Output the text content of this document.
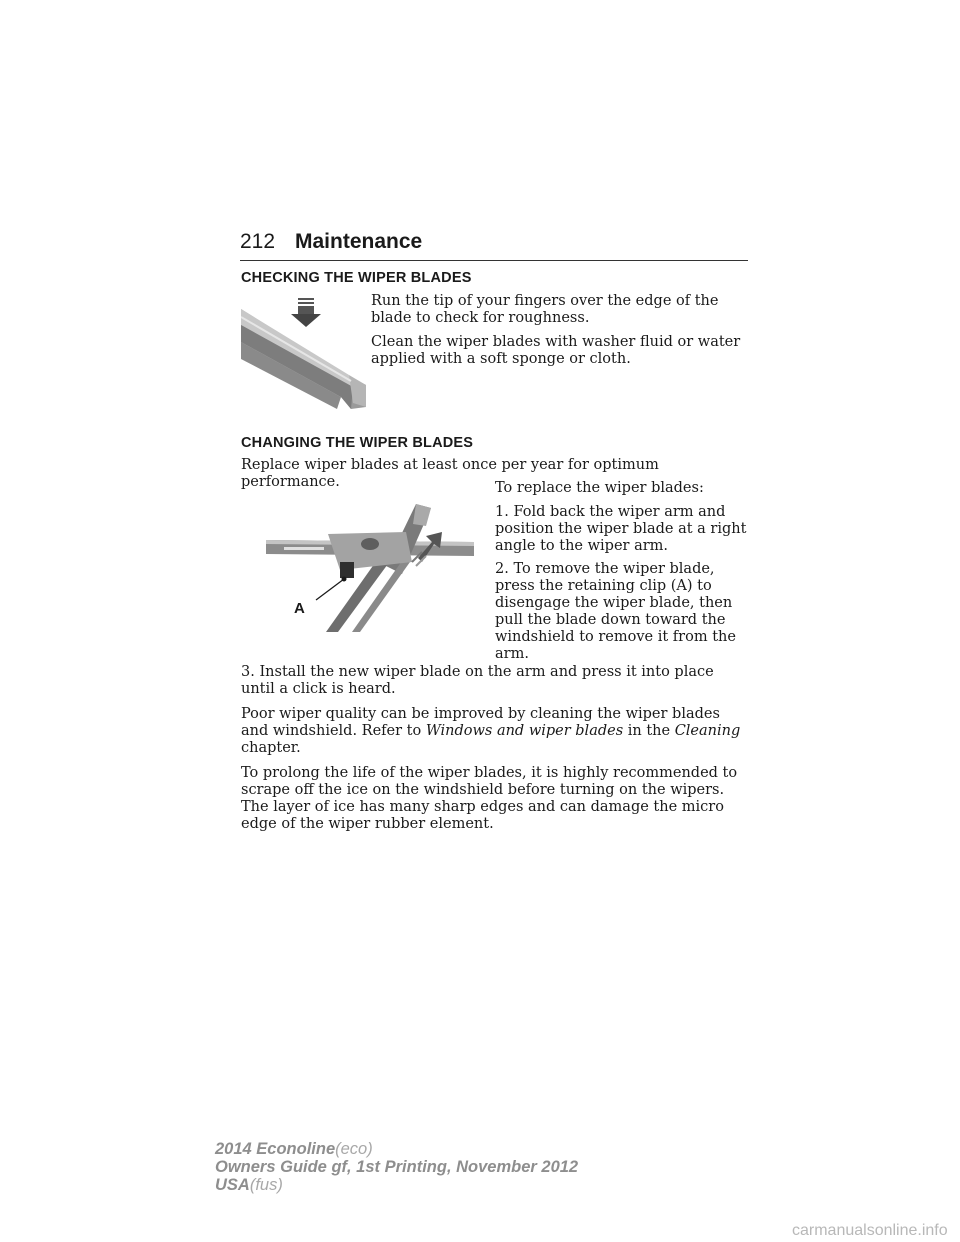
212 Maintenance
CHECKING THE WIPER BLADES

Run the tip of your fingers over the edge of the blade to check for roughness.

Clean the wiper blades with washer fluid or water applied with a soft sponge or cloth.

CHANGING THE WIPER BLADES

Replace wiper blades at least once per year for optimum performance.

A

To replace the wiper blades:

1. Fold back the wiper arm and position the wiper blade at a right angle to the wiper arm.

2. To remove the wiper blade, press the retaining clip (A) to disengage the wiper blade, then pull the blade down toward the windshield to remove it from the arm.

3. Install the new wiper blade on the arm and press it into place until a click is heard.

Poor wiper quality can be improved by cleaning the wiper blades and windshield. Refer to Windows and wiper blades in the Cleaning chapter.

To prolong the life of the wiper blades, it is highly recommended to scrape off the ice on the windshield before turning on the wipers. The layer of ice has many sharp edges and can damage the micro edge of the wiper rubber element.

2014 Econoline(eco)
Owners Guide gf, 1st Printing, November 2012
USA(fus)
carmanualsonline.info
